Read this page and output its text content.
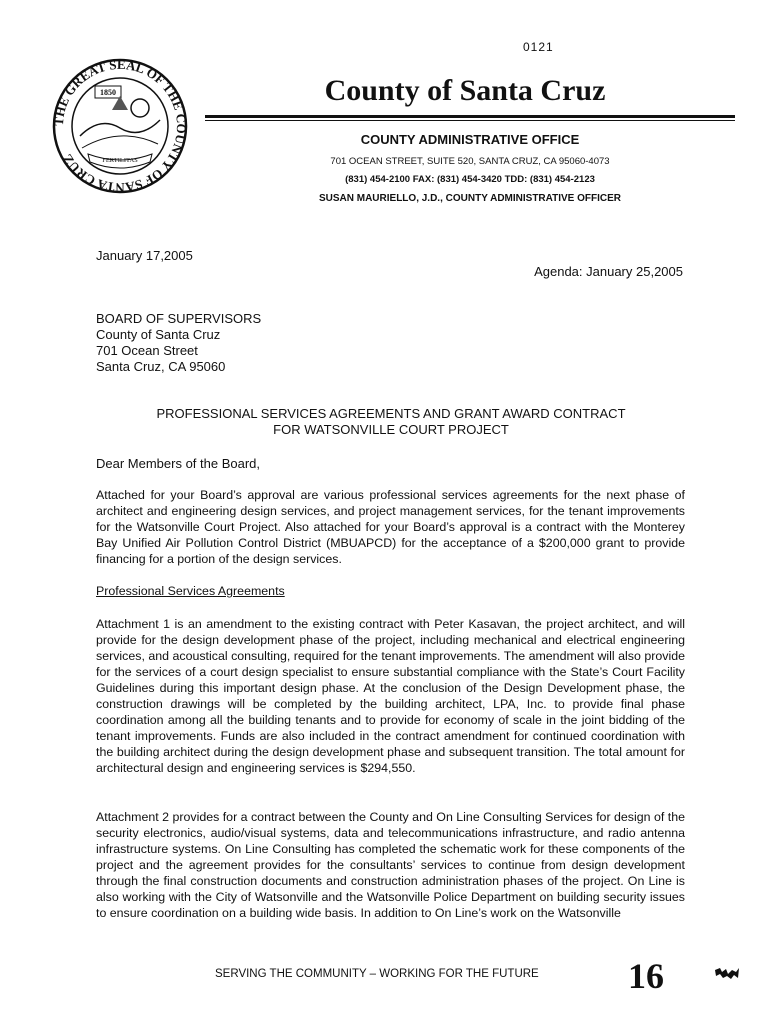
0121
THE GREAT SEAL OF THE COUNTY OF SANTA CRUZ
1850
FERTILITAS
County of Santa Cruz
COUNTY ADMINISTRATIVE OFFICE
701 OCEAN STREET, SUITE 520, SANTA CRUZ, CA 95060-4073
(831) 454-2100 FAX: (831) 454-3420 TDD: (831) 454-2123
SUSAN MAURIELLO, J.D., COUNTY ADMINISTRATIVE OFFICER
January 17,2005
Agenda: January 25,2005
BOARD OF SUPERVISORS
County of Santa Cruz
701 Ocean Street
Santa Cruz, CA 95060
PROFESSIONAL SERVICES AGREEMENTS AND GRANT AWARD CONTRACT
FOR WATSONVILLE COURT PROJECT
Dear Members of the Board,

Attached for your Board’s approval are various professional services agreements for the next phase of architect and engineering design services, and project management services, for the tenant improvements for the Watsonville Court Project. Also attached for your Board’s approval is a contract with the Monterey Bay Unified Air Pollution Control District (MBUAPCD) for the acceptance of a $200,000 grant to provide financing for a portion of the design services.

Professional Services Agreements

Attachment 1 is an amendment to the existing contract with Peter Kasavan, the project architect, and will provide for the design development phase of the project, including mechanical and electrical engineering services, and acoustical consulting, required for the tenant improvements. The amendment will also provide for the services of a court design specialist to ensure substantial compliance with the State’s Court Facility Guidelines during this important design phase. At the conclusion of the Design Development phase, the construction drawings will be completed by the building architect, LPA, Inc. to provide final phase coordination among all the building tenants and to provide for economy of scale in the joint bidding of the tenant improvements. Funds are also included in the contract amendment for continued coordination with the building architect during the design development phase and subsequent transition. The total amount for architectural design and engineering services is $294,550.

Attachment 2 provides for a contract between the County and On Line Consulting Services for design of the security electronics, audio/visual systems, data and telecommunications infrastructure, and radio antenna infrastructure systems. On Line Consulting has completed the schematic work for these components of the project and the agreement provides for the consultants’ services to continue from design development through the final construction documents and construction administration phases of the project. On Line is also working with the City of Watsonville and the Watsonville Police Department on building security issues to ensure coordination on a building wide basis. In addition to On Line’s work on the Watsonville

SERVING THE COMMUNITY – WORKING FOR THE FUTURE 16
